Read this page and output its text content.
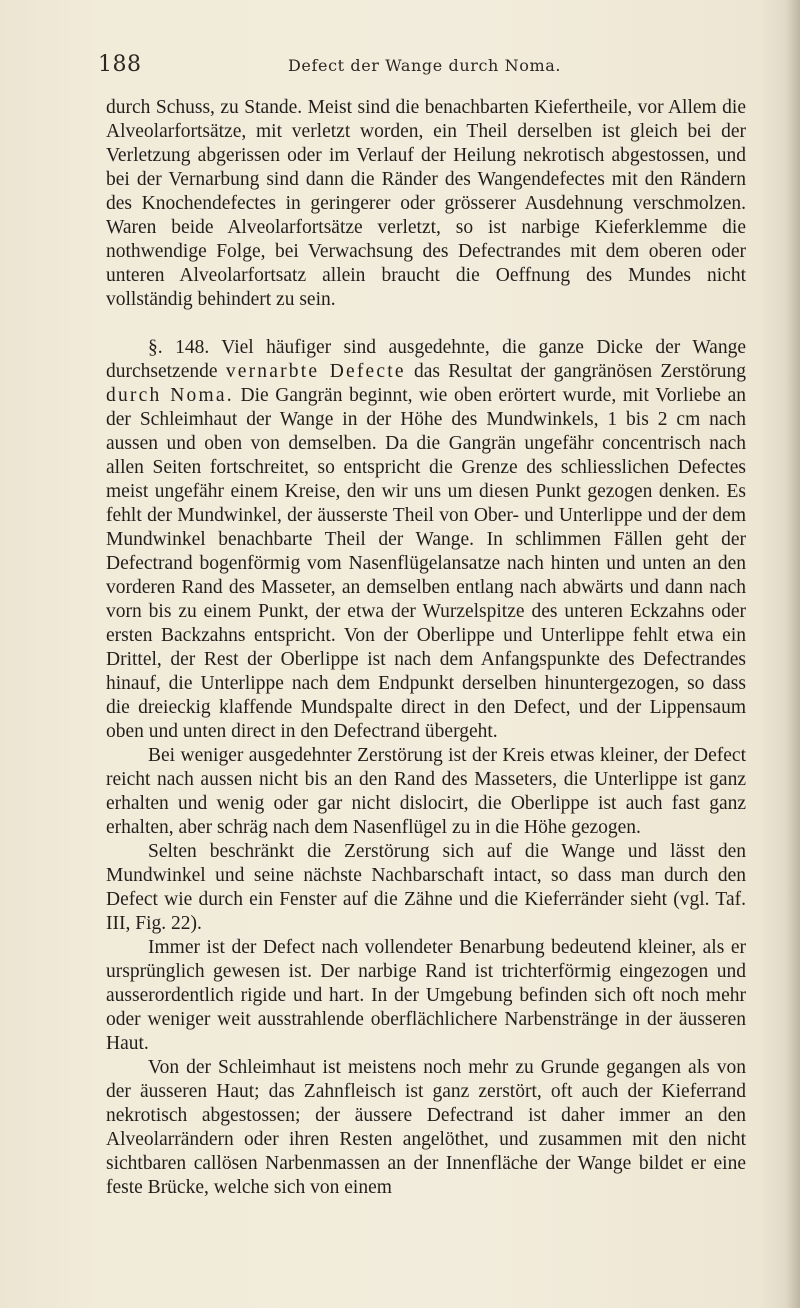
188	Defect der Wange durch Noma.

durch Schuss, zu Stande. Meist sind die benachbarten Kiefertheile, vor Allem die Alveolarfortsätze, mit verletzt worden, ein Theil derselben ist gleich bei der Verletzung abgerissen oder im Verlauf der Heilung nekrotisch abgestossen, und bei der Vernarbung sind dann die Ränder des Wangendefectes mit den Rändern des Knochendefectes in geringerer oder grösserer Ausdehnung verschmolzen. Waren beide Alveolarfortsätze verletzt, so ist narbige Kieferklemme die nothwendige Folge, bei Verwachsung des Defectrandes mit dem oberen oder unteren Alveolarfortsatz allein braucht die Oeffnung des Mundes nicht vollständig behindert zu sein.

§. 148. Viel häufiger sind ausgedehnte, die ganze Dicke der Wange durchsetzende vernarbte Defecte das Resultat der gangränösen Zerstörung durch Noma. Die Gangrän beginnt, wie oben erörtert wurde, mit Vorliebe an der Schleimhaut der Wange in der Höhe des Mundwinkels, 1 bis 2 cm nach aussen und oben von demselben. Da die Gangrän ungefähr concentrisch nach allen Seiten fortschreitet, so entspricht die Grenze des schliesslichen Defectes meist ungefähr einem Kreise, den wir uns um diesen Punkt gezogen denken. Es fehlt der Mundwinkel, der äusserste Theil von Ober- und Unterlippe und der dem Mundwinkel benachbarte Theil der Wange. In schlimmen Fällen geht der Defectrand bogenförmig vom Nasenflügelansatze nach hinten und unten an den vorderen Rand des Masseter, an demselben entlang nach abwärts und dann nach vorn bis zu einem Punkt, der etwa der Wurzelspitze des unteren Eckzahns oder ersten Backzahns entspricht. Von der Oberlippe und Unterlippe fehlt etwa ein Drittel, der Rest der Oberlippe ist nach dem Anfangspunkte des Defectrandes hinauf, die Unterlippe nach dem Endpunkt derselben hinuntergezogen, so dass die dreieckig klaffende Mundspalte direct in den Defect, und der Lippensaum oben und unten direct in den Defectrand übergeht.

Bei weniger ausgedehnter Zerstörung ist der Kreis etwas kleiner, der Defect reicht nach aussen nicht bis an den Rand des Masseters, die Unterlippe ist ganz erhalten und wenig oder gar nicht dislocirt, die Oberlippe ist auch fast ganz erhalten, aber schräg nach dem Nasenflügel zu in die Höhe gezogen.

Selten beschränkt die Zerstörung sich auf die Wange und lässt den Mundwinkel und seine nächste Nachbarschaft intact, so dass man durch den Defect wie durch ein Fenster auf die Zähne und die Kieferränder sieht (vgl. Taf. III, Fig. 22).

Immer ist der Defect nach vollendeter Benarbung bedeutend kleiner, als er ursprünglich gewesen ist. Der narbige Rand ist trichterförmig eingezogen und ausserordentlich rigide und hart. In der Umgebung befinden sich oft noch mehr oder weniger weit ausstrahlende oberflächlichere Narbenstränge in der äusseren Haut.

Von der Schleimhaut ist meistens noch mehr zu Grunde gegangen als von der äusseren Haut; das Zahnfleisch ist ganz zerstört, oft auch der Kieferrand nekrotisch abgestossen; der äussere Defectrand ist daher immer an den Alveolarrändern oder ihren Resten angelöthet, und zusammen mit den nicht sichtbaren callösen Narbenmassen an der Innenfläche der Wange bildet er eine feste Brücke, welche sich von einem
